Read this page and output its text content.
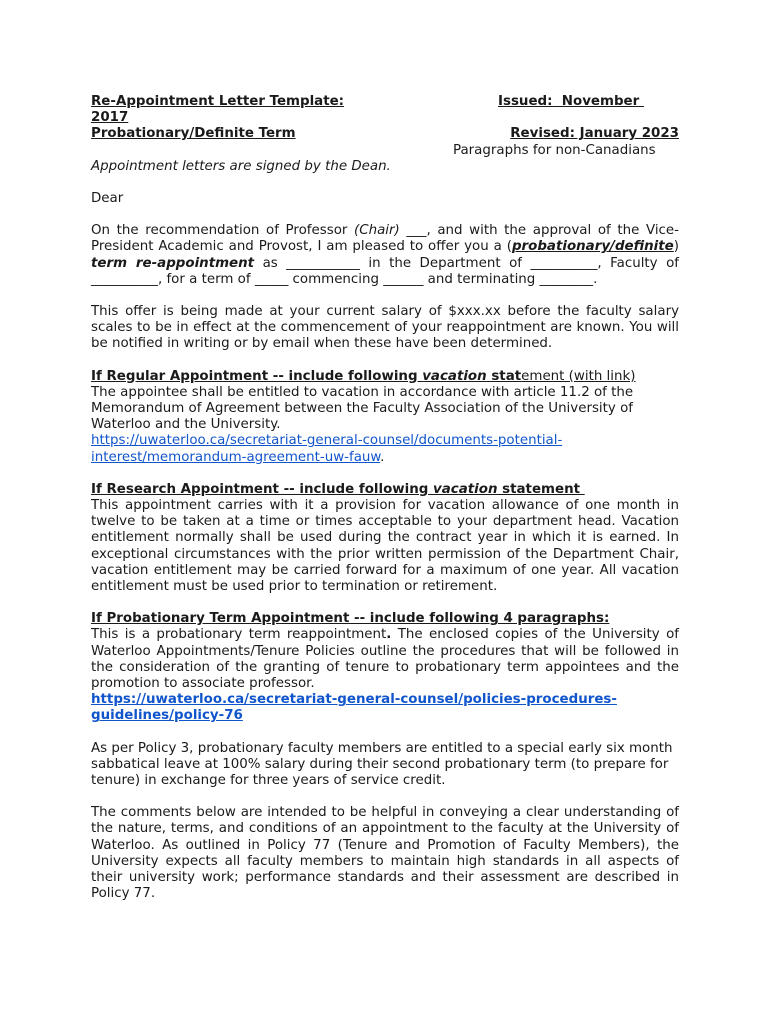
Re-Appointment Letter Template:	Issued:  November
2017
Probationary/Definite Term	Revised: January 2023
Paragraphs for non-Canadians

Appointment letters are signed by the Dean.

Dear

On the recommendation of Professor (Chair) ___, and with the approval of the Vice-President Academic and Provost, I am pleased to offer you a (probationary/definite) term re-appointment as ___________ in the Department of __________, Faculty of __________, for a term of _____ commencing ______ and terminating ________.

This offer is being made at your current salary of $xxx.xx before the faculty salary scales to be in effect at the commencement of your reappointment are known. You will be notified in writing or by email when these have been determined.

If Regular Appointment -- include following vacation statement (with link)

The appointee shall be entitled to vacation in accordance with article 11.2 of the Memorandum of Agreement between the Faculty Association of the University of Waterloo and the University.
https://uwaterloo.ca/secretariat-general-counsel/documents-potential-interest/memorandum-agreement-uw-fauw.

If Research Appointment -- include following vacation statement

This appointment carries with it a provision for vacation allowance of one month in twelve to be taken at a time or times acceptable to your department head. Vacation entitlement normally shall be used during the contract year in which it is earned. In exceptional circumstances with the prior written permission of the Department Chair, vacation entitlement may be carried forward for a maximum of one year. All vacation entitlement must be used prior to termination or retirement.

If Probationary Term Appointment -- include following 4 paragraphs:

This is a probationary term reappointment. The enclosed copies of the University of Waterloo Appointments/Tenure Policies outline the procedures that will be followed in the consideration of the granting of tenure to probationary term appointees and the promotion to associate professor.

https://uwaterloo.ca/secretariat-general-counsel/policies-procedures-guidelines/policy-76

As per Policy 3, probationary faculty members are entitled to a special early six month sabbatical leave at 100% salary during their second probationary term (to prepare for tenure) in exchange for three years of service credit.

The comments below are intended to be helpful in conveying a clear understanding of the nature, terms, and conditions of an appointment to the faculty at the University of Waterloo. As outlined in Policy 77 (Tenure and Promotion of Faculty Members), the University expects all faculty members to maintain high standards in all aspects of their university work; performance standards and their assessment are described in Policy 77.
